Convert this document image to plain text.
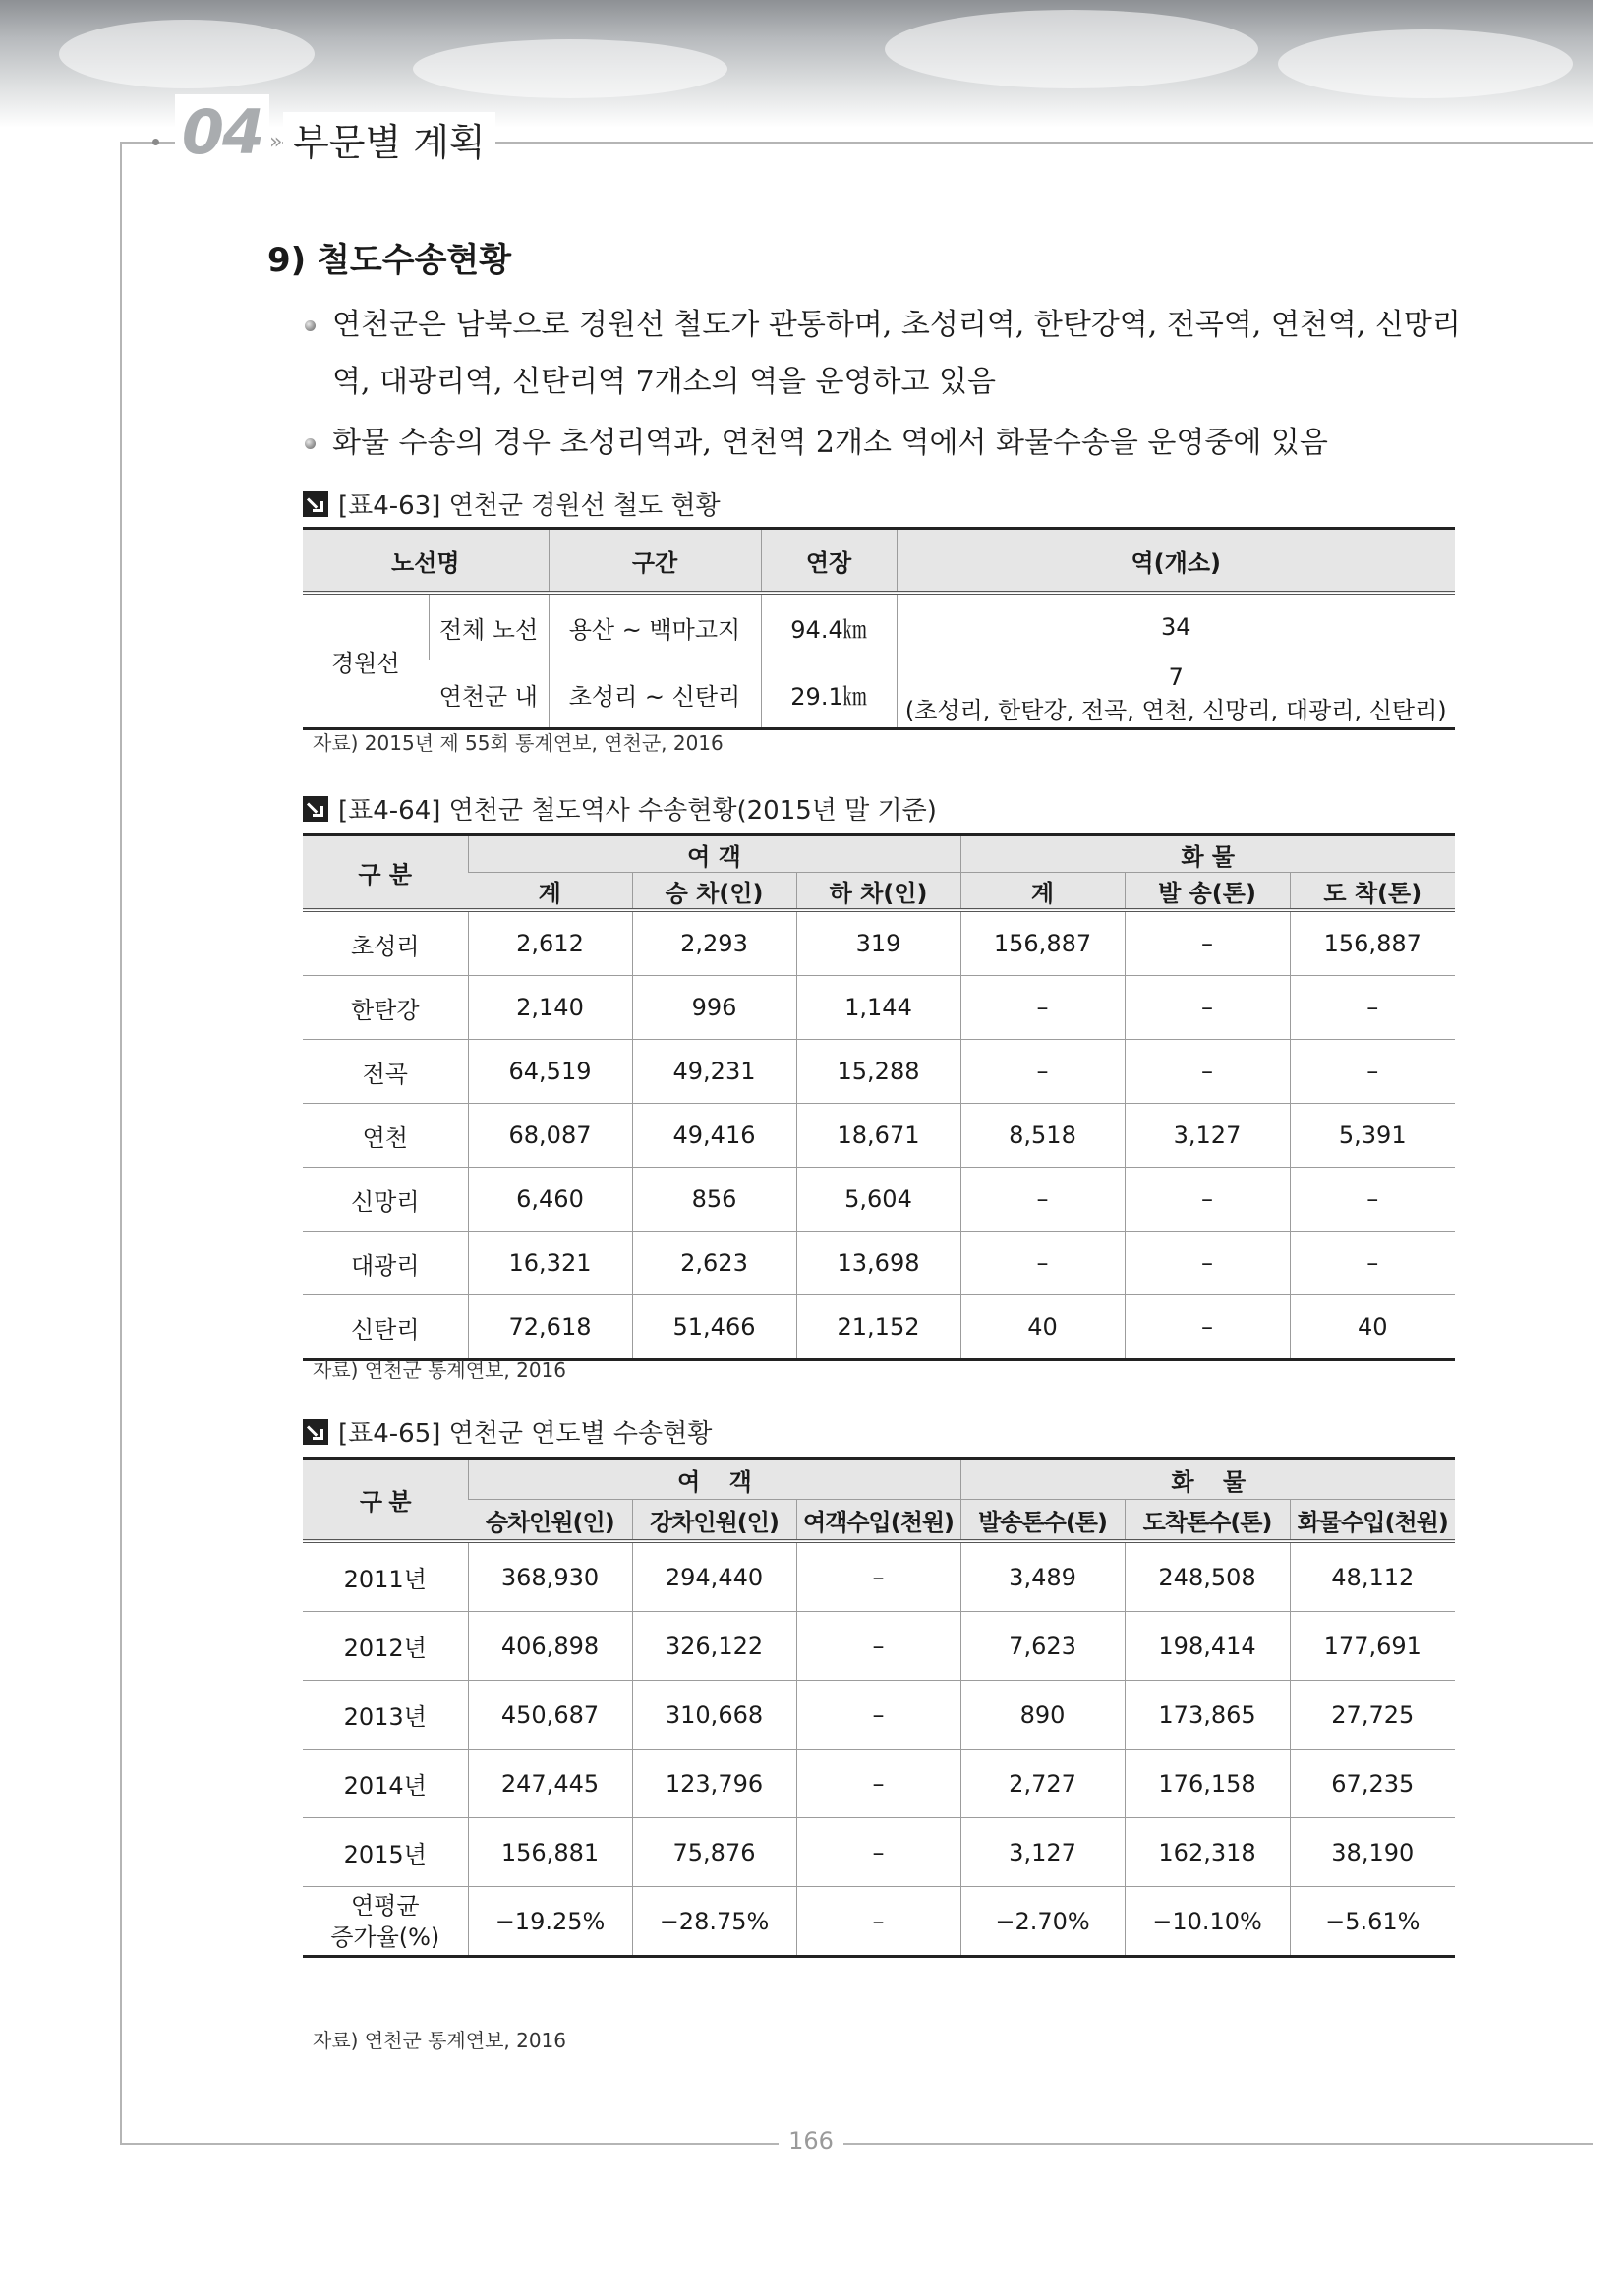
04 » 부문별 계획
9) 철도수송현황
연천군은 남북으로 경원선 철도가 관통하며, 초성리역, 한탄강역, 전곡역, 연천역, 신망리역, 대광리역, 신탄리역 7개소의 역을 운영하고 있음
화물 수송의 경우 초성리역과, 연천역 2개소 역에서 화물수송을 운영중에 있음
[표4-63] 연천군 경원선 철도 현황
노선명		구간	연장	역(개소)
경원선	전체 노선	용산 ~ 백마고지	94.4㎞	34
	연천군 내	초성리 ~ 신탄리	29.1㎞	7
(초성리, 한탄강, 전곡, 연천, 신망리, 대광리, 신탄리)
자료) 2015년 제 55회 통계연보, 연천군, 2016
[표4-64] 연천군 철도역사 수송현황(2015년 말 기준)
구 분	여 객			화 물		
	계	승 차(인)	하 차(인)	계	발 송(톤)	도 착(톤)
초성리	2,612	2,293	319	156,887	–	156,887
한탄강	2,140	996	1,144	–	–	–
전곡	64,519	49,231	15,288	–	–	–
연천	68,087	49,416	18,671	8,518	3,127	5,391
신망리	6,460	856	5,604	–	–	–
대광리	16,321	2,623	13,698	–	–	–
신탄리	72,618	51,466	21,152	40	–	40
자료) 연천군 통계연보, 2016
[표4-65] 연천군 연도별 수송현황
구 분	여　 객			화　 물		
	승차인원(인)	강차인원(인)	여객수입(천원)	발송톤수(톤)	도착톤수(톤)	화물수입(천원)
2011년	368,930	294,440	–	3,489	248,508	48,112
2012년	406,898	326,122	–	7,623	198,414	177,691
2013년	450,687	310,668	–	890	173,865	27,725
2014년	247,445	123,796	–	2,727	176,158	67,235
2015년	156,881	75,876	–	3,127	162,318	38,190

연평균
증가율(%)	−19.25%	−28.75%	–	−2.70%	−10.10%	−5.61%
자료) 연천군 통계연보, 2016
166
